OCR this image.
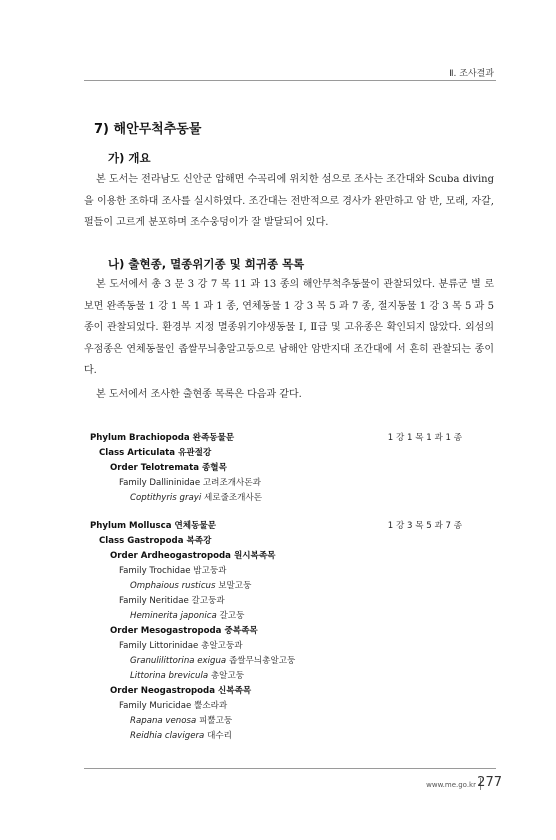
Ⅱ. 조사결과
7) 해안무척추동물
가) 개요
본 도서는 전라남도 신안군 압해면 수곡리에 위치한 섬으로 조사는 조간대와 Scuba diving 을 이용한 조하대 조사를 실시하였다. 조간대는 전반적으로 경사가 완만하고 암 반, 모래, 자갈, 펄들이 고르게 분포하며 조수웅덩이가 잘 발달되어 있다.
나) 출현종, 멸종위기종 및 희귀종 목록
본 도서에서 총 3 문 3 강 7 목 11 과 13 종의 해안무척추동물이 관찰되었다. 분류군 별 로 보면 완족동물 1 강 1 목 1 과 1 종, 연체동물 1 강 3 목 5 과 7 종, 절지동물 1 강 3 목 5 과 5 종이 관찰되었다. 환경부 지정 멸종위기야생동물 Ⅰ, Ⅱ급 및 고유종은 확인되지 않았다. 외섬의 우점종은 연체동물인 좁쌀무늬총알고둥으로 남해안 암반지대 조간대에 서 흔히 관찰되는 종이다.
본 도서에서 조사한 출현종 목록은 다음과 같다.
Phylum Brachiopoda 완족동물문	1 강 1 목 1 과 1 종
Class Articulata 유관절강
Order Telotremata 종혈목
Family Dallininidae 고려조개사돈과
Coptithyris grayi 세로줄조개사돈
Phylum Mollusca 연체동물문	1 강 3 목 5 과 7 종
Class Gastropoda 복족강
Order Ardheogastropoda 원시복족목
Family Trochidae 밤고둥과
Omphaious rusticus 보말고둥
Family Neritidae 갈고둥과
Heminerita japonica 갈고둥
Order Mesogastropoda 중복족목
Family Littorinidae 총알고둥과
Granulilittorina exigua 좁쌀무늬총알고둥
Littorina brevicula 총알고둥
Order Neogastropoda 신복족목
Family Muricidae 뿔소라과
Rapana venosa 피뿔고둥
Reidhia clavigera 대수리
www.me.go.kr 277
